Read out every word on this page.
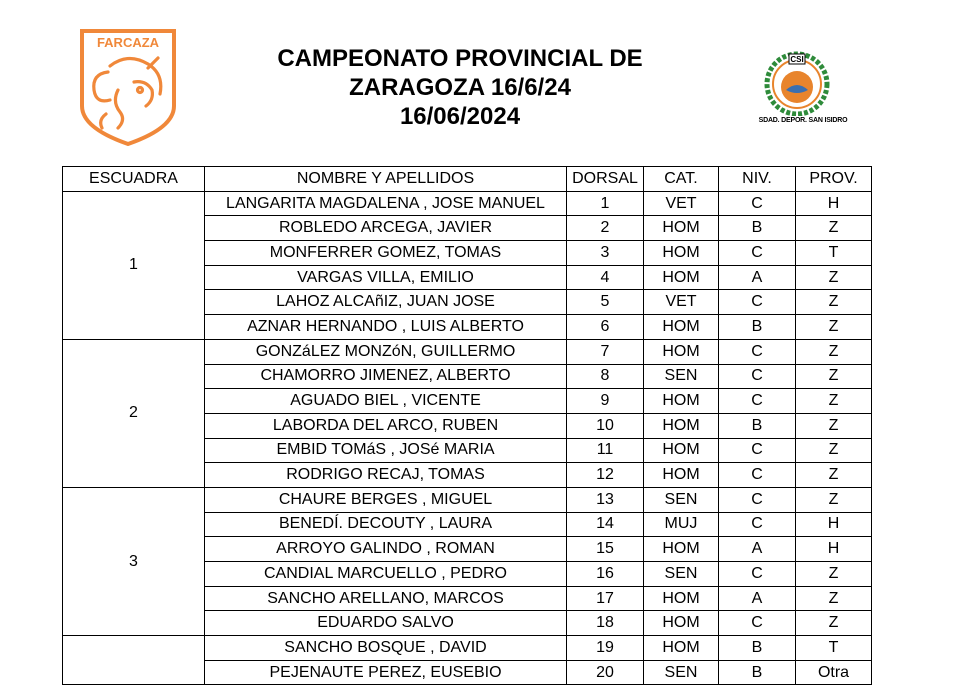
FARCAZA
CAMPEONATO PROVINCIAL DE
ZARAGOZA 16/6/24
16/06/2024
CSI
SDAD. DEPOR. SAN ISIDRO
ESCUADRA	NOMBRE Y APELLIDOS	DORSAL	CAT.	NIV.	PROV.
1	LANGARITA MAGDALENA , JOSE MANUEL	1	VET	C	H
	ROBLEDO ARCEGA, JAVIER	2	HOM	B	Z
	MONFERRER GOMEZ, TOMAS	3	HOM	C	T
	VARGAS VILLA, EMILIO	4	HOM	A	Z
	LAHOZ ALCAñIZ, JUAN JOSE	5	VET	C	Z
	AZNAR HERNANDO , LUIS ALBERTO	6	HOM	B	Z
2	GONZáLEZ MONZóN, GUILLERMO	7	HOM	C	Z
	CHAMORRO JIMENEZ, ALBERTO	8	SEN	C	Z
	AGUADO BIEL , VICENTE	9	HOM	C	Z
	LABORDA DEL ARCO, RUBEN	10	HOM	B	Z
	EMBID TOMáS , JOSé MARIA	11	HOM	C	Z
	RODRIGO RECAJ, TOMAS	12	HOM	C	Z
3	CHAURE BERGES , MIGUEL	13	SEN	C	Z
	BENEDÍ. DECOUTY , LAURA	14	MUJ	C	H
	ARROYO GALINDO , ROMAN	15	HOM	A	H
	CANDIAL MARCUELLO , PEDRO	16	SEN	C	Z
	SANCHO ARELLANO, MARCOS	17	HOM	A	Z
	EDUARDO SALVO	18	HOM	C	Z
	SANCHO BOSQUE , DAVID	19	HOM	B	T
	PEJENAUTE PEREZ, EUSEBIO	20	SEN	B	Otra
